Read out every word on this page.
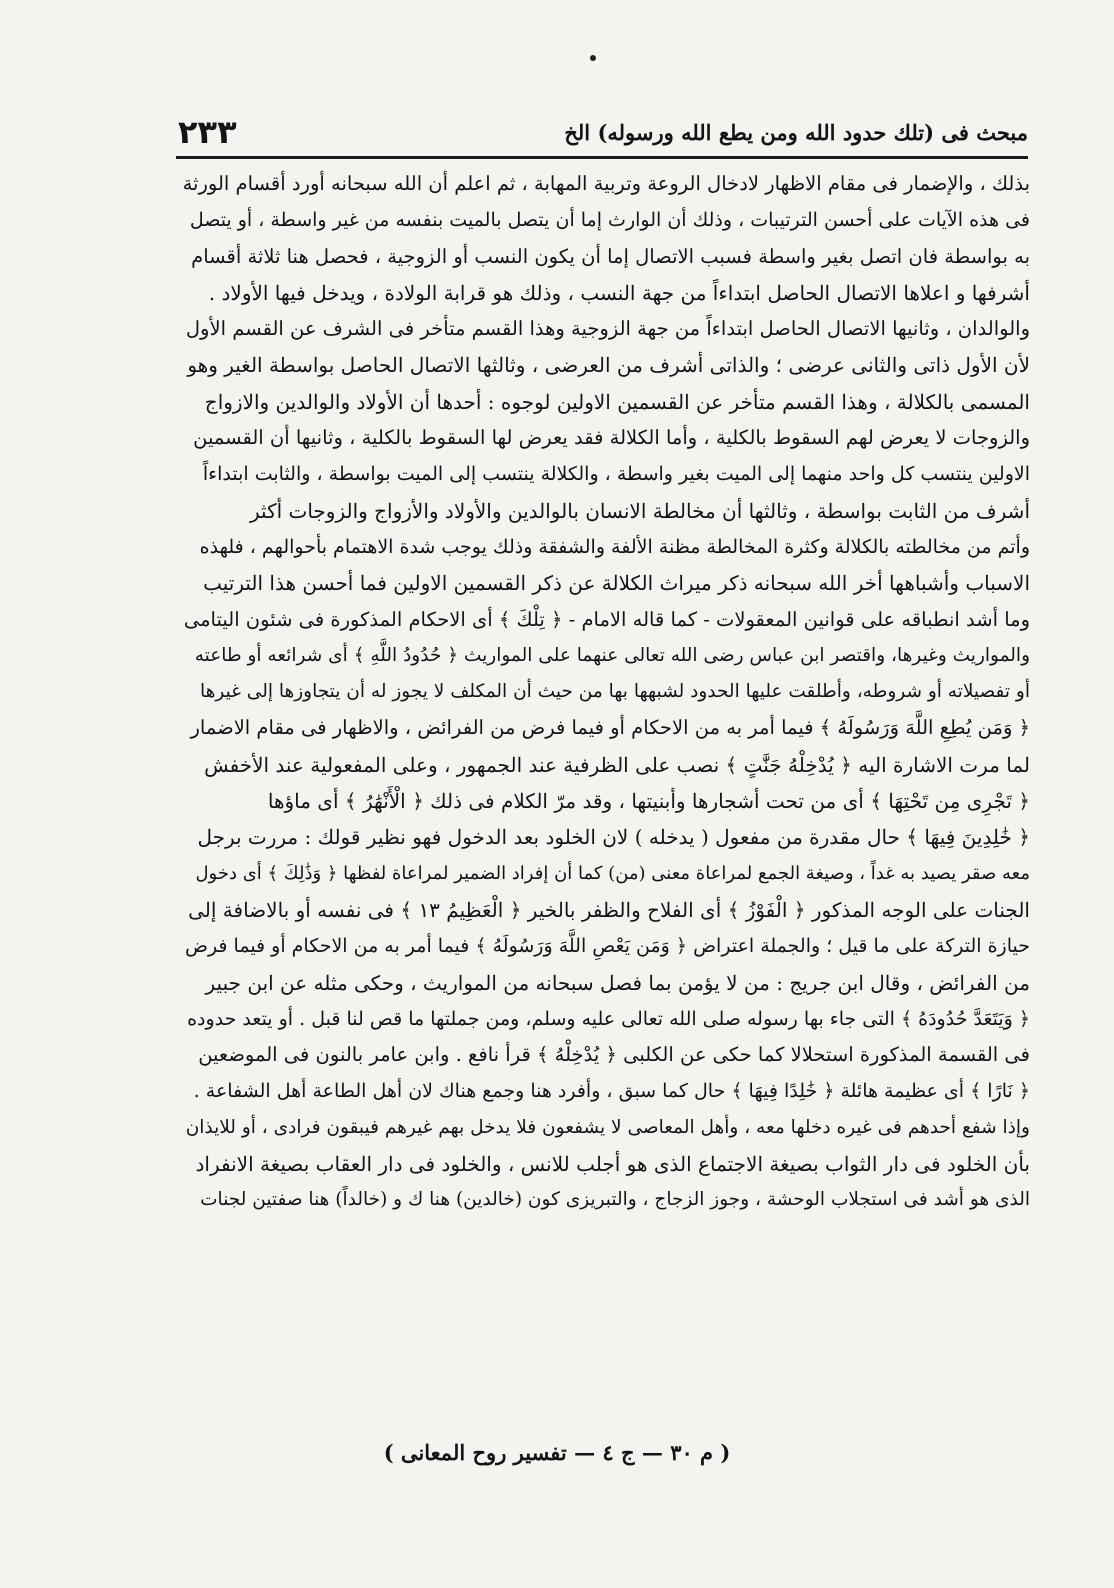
٢٣٣	مبحث فى (تلك حدود الله ومن يطع الله ورسوله) الخ
بذلك ، والإضمار فى مقام الاظهار لادخال الروعة وتربية المهابة ، ثم اعلم أن الله سبحانه أورد أقسام الورثة
فى هذه الآيات على أحسن الترتيبات ، وذلك أن الوارث إما أن يتصل بالميت بنفسه من غير واسطة ، أو يتصل
به بواسطة فان اتصل بغير واسطة فسبب الاتصال إما أن يكون النسب أو الزوجية ، فحصل هنا ثلاثة أقسام
أشرفها و اعلاها الاتصال الحاصل ابتداءاً من جهة النسب ، وذلك هو قرابة الولادة ، ويدخل فيها الأولاد .
والوالدان ، وثانيها الاتصال الحاصل ابتداءاً من جهة الزوجية وهذا القسم متأخر فى الشرف عن القسم الأول
لأن الأول ذاتى والثانى عرضى ؛ والذاتى أشرف من العرضى ، وثالثها الاتصال الحاصل بواسطة الغير وهو
المسمى بالكلالة ، وهذا القسم متأخر عن القسمين الاولين لوجوه : أحدها أن الأولاد والوالدين والازواج
والزوجات لا يعرض لهم السقوط بالكلية ، وأما الكلالة فقد يعرض لها السقوط بالكلية ، وثانيها أن القسمين
الاولين ينتسب كل واحد منهما إلى الميت بغير واسطة ، والكلالة ينتسب إلى الميت بواسطة ، والثابت ابتداءاً
أشرف من الثابت بواسطة ، وثالثها أن مخالطة الانسان بالوالدين والأولاد والأزواج والزوجات أكثر
وأتم من مخالطته بالكلالة وكثرة المخالطة مظنة الألفة والشفقة وذلك يوجب شدة الاهتمام بأحوالهم ، فلهذه
الاسباب وأشباهها أخر الله سبحانه ذكر ميراث الكلالة عن ذكر القسمين الاولين فما أحسن هذا الترتيب
وما أشد انطباقه على قوانين المعقولات - كما قاله الامام - ﴿ تِلْكَ ﴾ أى الاحكام المذكورة فى شئون اليتامى
والمواريث وغيرها، واقتصر ابن عباس رضى الله تعالى عنهما على المواريث ﴿ حُدُودُ اللَّهِ ﴾ أى شرائعه أو طاعته
أو تفصيلاته أو شروطه، وأطلقت عليها الحدود لشبهها بها من حيث أن المكلف لا يجوز له أن يتجاوزها إلى غيرها
﴿ وَمَن يُطِعِ اللَّهَ وَرَسُولَهُ ﴾ فيما أمر به من الاحكام أو فيما فرض من الفرائض ، والاظهار فى مقام الاضمار
لما مرت الاشارة اليه ﴿ يُدْخِلْهُ جَنَّٰتٍ ﴾ نصب على الظرفية عند الجمهور ، وعلى المفعولية عند الأخفش
﴿ تَجْرِى مِن تَحْتِهَا ﴾ أى من تحت أشجارها وأبنيتها ، وقد مرّ الكلام فى ذلك ﴿ الْأَنْهَٰرُ ﴾ أى ماؤها
﴿ خَٰلِدِينَ فِيهَا ﴾ حال مقدرة من مفعول ( يدخله ) لان الخلود بعد الدخول فهو نظير قولك : مررت برجل
معه صقر يصيد به غداً ، وصيغة الجمع لمراعاة معنى (من) كما أن إفراد الضمير لمراعاة لفظها ﴿ وَذَٰلِكَ ﴾ أى دخول
الجنات على الوجه المذكور ﴿ الْفَوْزُ ﴾ أى الفلاح والظفر بالخير ﴿ الْعَظِيمُ ١٣ ﴾ فى نفسه أو بالاضافة إلى
حيازة التركة على ما قيل ؛ والجملة اعتراض ﴿ وَمَن يَعْصِ اللَّهَ وَرَسُولَهُ ﴾ فيما أمر به من الاحكام أو فيما فرض
من الفرائض ، وقال ابن جريج : من لا يؤمن بما فصل سبحانه من المواريث ، وحكى مثله عن ابن جبير
﴿ وَيَتَعَدَّ حُدُودَهُ ﴾ التى جاء بها رسوله صلى الله تعالى عليه وسلم، ومن جملتها ما قص لنا قبل . أو يتعد حدوده
فى القسمة المذكورة استحلالا كما حكى عن الكلبى ﴿ يُدْخِلْهُ ﴾ قرأ نافع . وابن عامر بالنون فى الموضعين
﴿ نَارًا ﴾ أى عظيمة هائلة ﴿ خَٰلِدًا فِيهَا ﴾ حال كما سبق ، وأفرد هنا وجمع هناك لان أهل الطاعة أهل الشفاعة .
وإذا شفع أحدهم فى غيره دخلها معه ، وأهل المعاصى لا يشفعون فلا يدخل بهم غيرهم فيبقون فرادى ، أو للايذان
بأن الخلود فى دار الثواب بصيغة الاجتماع الذى هو أجلب للانس ، والخلود فى دار العقاب بصيغة الانفراد
الذى هو أشد فى استجلاب الوحشة ، وجوز الزجاج ، والتبريزى كون (خالدين) هنا ك و (خالداً) هنا صفتين لجنات
( م ٣٠ — ج ٤ — تفسير روح المعانى )
